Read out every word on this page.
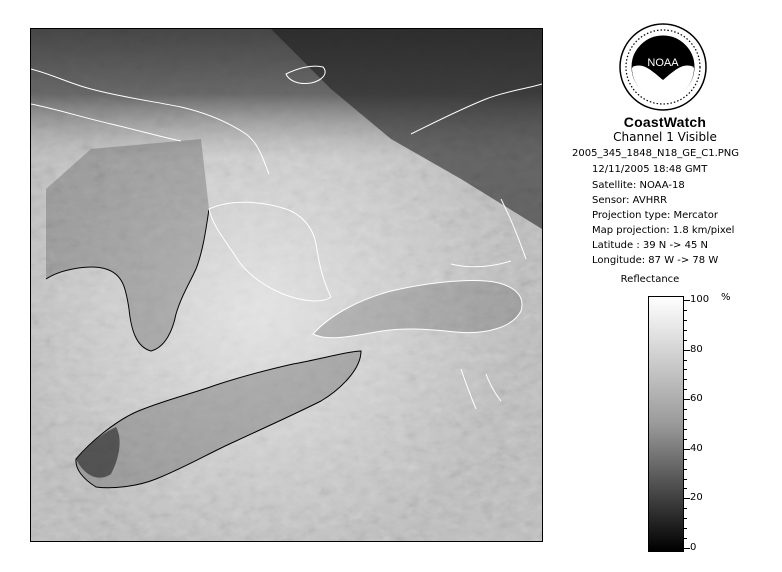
NOAA
CoastWatch
Channel 1 Visible
2005_345_1848_N18_GE_C1.PNG
12/11/2005 18:48 GMT
Satellite: NOAA-18
Sensor: AVHRR
Projection type: Mercator
Map projection: 1.8 km/pixel
Latitude : 39 N -> 45 N
Longitude: 87 W -> 78 W
Reflectance
%
100
80
60
40
20
0
